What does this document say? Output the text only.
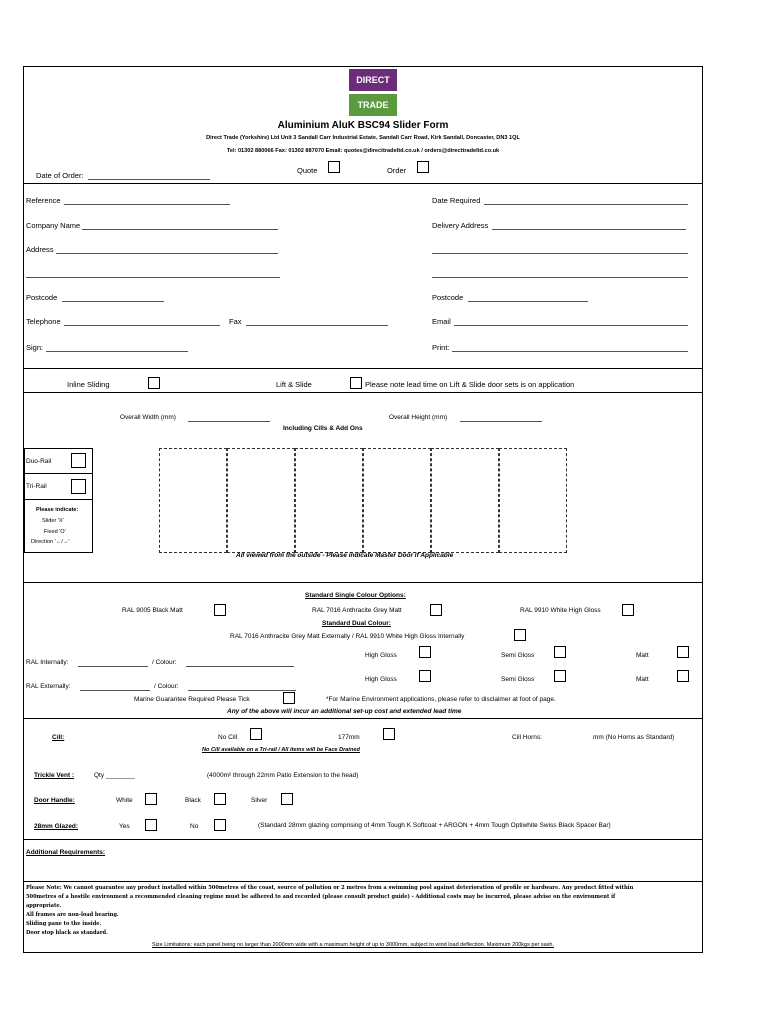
DIRECT
TRADE
Aluminium AluK BSC94 Slider Form
Direct Trade (Yorkshire) Ltd Unit 3 Sandall Carr Industrial Estate, Sandall Carr Road, Kirk Sandall, Doncaster, DN3 1QL
Tel: 01302 880066 Fax: 01302 887070 Email: quotes@directtradeltd.co.uk / orders@directtradeltd.co.uk
Date of Order:
Quote	Order
Reference	Date Required
Company Name	Delivery Address
Address
Postcode	Postcode
Telephone	Fax	Email
Sign:	Print:
Inline Sliding	Lift & Slide	Please note lead time on Lift & Slide door sets is on application
Overall Width (mm)	Overall Height (mm)
Including Cills & Add Ons
Duo-Rail
Tri-Rail
Please indicate:
Slider 'X'
Fixed 'O'
Direction '←/→'
All viewed from the outside - Please indicate Master Door if Applicable
Standard Single Colour Options:
RAL 9005 Black Matt	RAL 7016 Anthracite Grey Matt	RAL 9910 White High Gloss
Standard Dual Colour:
RAL 7016 Anthracite Grey Matt Externally / RAL 9910 White High Gloss Internally
High Gloss	Semi Gloss	Matt
RAL Internally:	/ Colour:
High Gloss	Semi Gloss	Matt
RAL Externally:	/ Colour:
Marine Guarantee Required Please Tick	*For Marine Environment applications, please refer to disclaimer at foot of page.
Any of the above will incur an additional set-up cost and extended lead time
Cill:	No Cill	177mm	Cill Horns:	mm (No Horns as Standard)
No Cill available on a Tri-rail / All items will be Face Drained
Trickle Vent :	Qty ________	(4000m² through 22mm Patio Extension to the head)
Door Handle:	White	Black	Silver
28mm Glazed:	Yes	No	(Standard 28mm glazing comprising of 4mm Tough K Softcoat + ARGON + 4mm Tough Optiwhite Swiss Black Spacer Bar)
Additional Requirements:
Please Note: We cannot guarantee any product installed within 500metres of the coast, source of pollution or 2 metres from a swimming pool against deterioration of profile or hardware. Any product fitted within
500metres of a hostile environment a recommended cleaning regime must be adhered to and recorded (please consult product guide) - Additional costs may be incurred, please advise on the environment if
appropriate.
All frames are non-load bearing.
Sliding pane to the inside.
Door stop black as standard.
Size Limitations: each panel being no larger than 2000mm wide with a maximum height of up to 3000mm, subject to wind load deflection. Maximum 200kgs per sash.
